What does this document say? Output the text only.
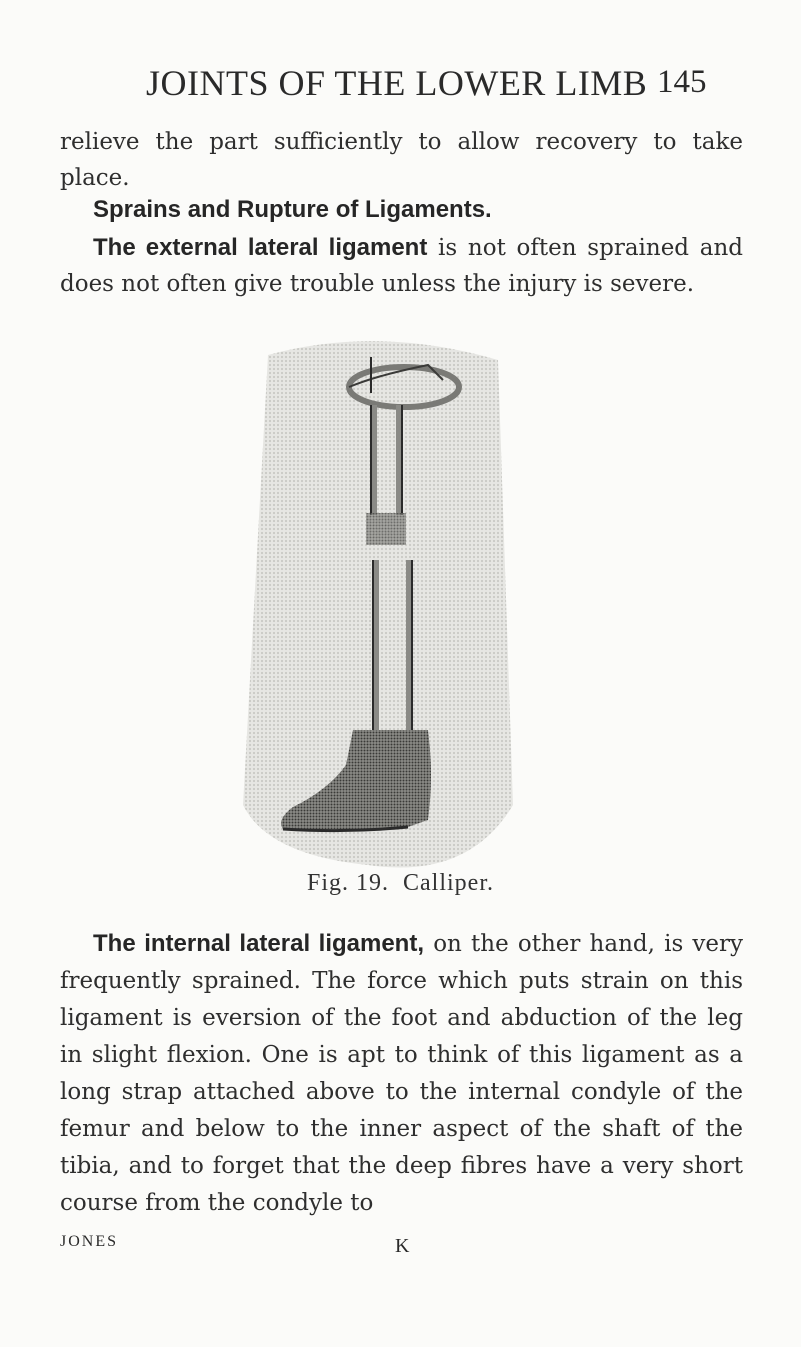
JOINTS OF THE LOWER LIMB 145
relieve the part sufficiently to allow recovery to take place.
Sprains and Rupture of Ligaments.
The external lateral ligament is not often sprained and does not often give trouble unless the injury is severe.
Fig. 19. Calliper.
The internal lateral ligament, on the other hand, is very frequently sprained. The force which puts strain on this ligament is eversion of the foot and abduction of the leg in slight flexion. One is apt to think of this ligament as a long strap attached above to the internal condyle of the femur and below to the inner aspect of the shaft of the tibia, and to forget that the deep fibres have a very short course from the condyle to
JONES	K
